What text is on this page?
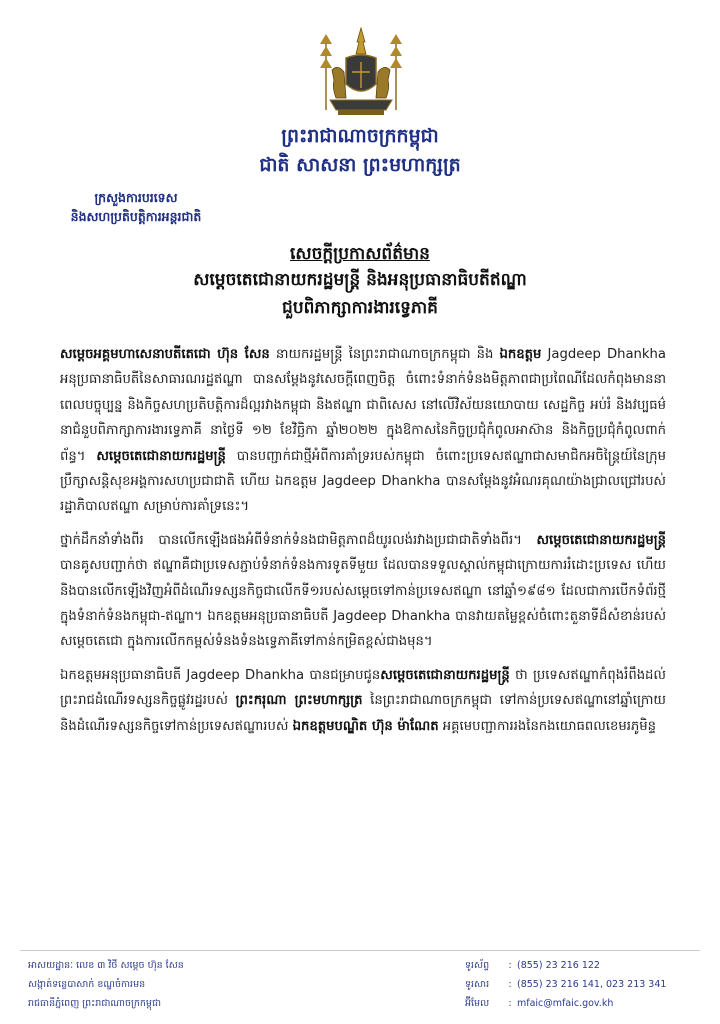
ព្រះរាជាណាចក្រកម្ពុជា
ជាតិ សាសនា ព្រះមហាក្សត្រ
ក្រសួងការបរទេស
និងសហប្រតិបត្តិការអន្តរជាតិ
សេចក្តីប្រកាសព័ត៌មាន
សម្តេចតេជោនាយករដ្ឋមន្ត្រី និងអនុប្រធានាធិបតីឥណ្ឌា
ជួបពិភាក្សាការងារទ្វេភាគី

សម្តេចអគ្គមហាសេនាបតីតេជោ ហ៊ុន សែន នាយករដ្ឋមន្ត្រី នៃព្រះរាជាណាចក្រកម្ពុជា និង ឯកឧត្តម Jagdeep Dhankha អនុប្រធានាធិបតីនៃសាធារណរដ្ឋឥណ្ឌា បានសម្តែងនូវសេចក្តីពេញចិត្ត ចំពោះទំនាក់ទំនងមិត្តភាពជាប្រពៃណីដែលកំពុងមាននាពេលបច្ចុប្បន្ន និងកិច្ចសហប្រតិបត្តិការដ៏ល្អរវាងកម្ពុជា និងឥណ្ឌា ជាពិសេស នៅលើវិស័យនយោបាយ សេដ្ឋកិច្ច អប់រំ និងវប្បធម៌ នាជំនួបពិភាក្សាការងារទ្វេភាគី នាថ្ងៃទី ១២ ខែវិច្ឆិកា ឆ្នាំ២០២២ ក្នុងឱកាសនៃកិច្ចប្រជុំកំពូលអាស៊ាន និងកិច្ចប្រជុំកំពូលពាក់ព័ន្ធ។ សម្តេចតេជោនាយករដ្ឋមន្ត្រី បានបញ្ជាក់ជាថ្មីអំពីការគាំទ្ររបស់កម្ពុជា ចំពោះប្រទេសឥណ្ឌាជាសមាជិកអចិន្ត្រៃយ៍នៃក្រុមប្រឹក្សាសន្តិសុខអង្គការសហប្រជាជាតិ ហើយ ឯកឧត្តម Jagdeep Dhankha បានសម្តែងនូវអំណរគុណយ៉ាងជ្រាលជ្រៅរបស់រដ្ឋាភិបាលឥណ្ឌា សម្រាប់ការគាំទ្រនេះ។

ថ្នាក់ដឹកនាំទាំងពីរ បានលើកឡើងផងអំពីទំនាក់ទំនងជាមិត្តភាពដ៏យូរលង់រវាងប្រជាជាតិទាំងពីរ។ សម្តេចតេជោនាយករដ្ឋមន្ត្រី បានគូសបញ្ជាក់ថា ឥណ្ឌាគឺជាប្រទេសភ្ជាប់ទំនាក់ទំនងការទូតទីមួយ ដែលបានទទួលស្គាល់កម្ពុជាក្រោយការរំដោះប្រទេស ហើយនិងបានលើកឡើងវិញអំពីដំណើរទស្សនកិច្ចជាលើកទី១របស់សម្តេចទៅកាន់ប្រទេសឥណ្ឌា នៅឆ្នាំ១៩៨១ ដែលជាការបើកទំព័រថ្មីក្នុងទំនាក់ទំនងកម្ពុជា-ឥណ្ឌា។ ឯកឧត្តមអនុប្រធានាធិបតី Jagdeep Dhankha បានវាយតម្លៃខ្ពស់ចំពោះតួនាទីដ៏សំខាន់របស់សម្តេចតេជោ ក្នុងការលើកកម្ពស់ទំនងទំនងទ្វេភាគីទៅកាន់កម្រិតខ្ពស់ជាងមុន។

ឯកឧត្តមអនុប្រធានាធិបតី Jagdeep Dhankha បានជម្រាបជូនសម្តេចតេជោនាយករដ្ឋមន្ត្រី ថា ប្រទេសឥណ្ឌាកំពុងរំពឹងដល់ព្រះរាជដំណើរទស្សនកិច្ចផ្លូវរដ្ឋរបស់ ព្រះករុណា ព្រះមហាក្សត្រ នៃព្រះរាជាណាចក្រកម្ពុជា ទៅកាន់ប្រទេសឥណ្ឌានៅឆ្នាំក្រោយ និងដំណើរទស្សនកិច្ចទៅកាន់ប្រទេសឥណ្ឌារបស់ ឯកឧត្តមបណ្ឌិត ហ៊ុន ម៉ាណែត អគ្គមេបញ្ជាការរងនៃកងយោធពលខេមរភូមិន្ទ

អាសយដ្ឋានៈ លេខ ៣ វិថី សម្តេច ហ៊ុន សែន
សង្កាត់ទន្លេបាសាក់ ខណ្ឌចំការមន
រាជធានីភ្នំពេញ ព្រះរាជាណាចក្រកម្ពុជា
ទូរស័ព្ទ : (855) 23 216 122
ទូរសារ : (855) 23 216 141, 023 213 341
អ៊ីមែល : mfaic@mfaic.gov.kh
